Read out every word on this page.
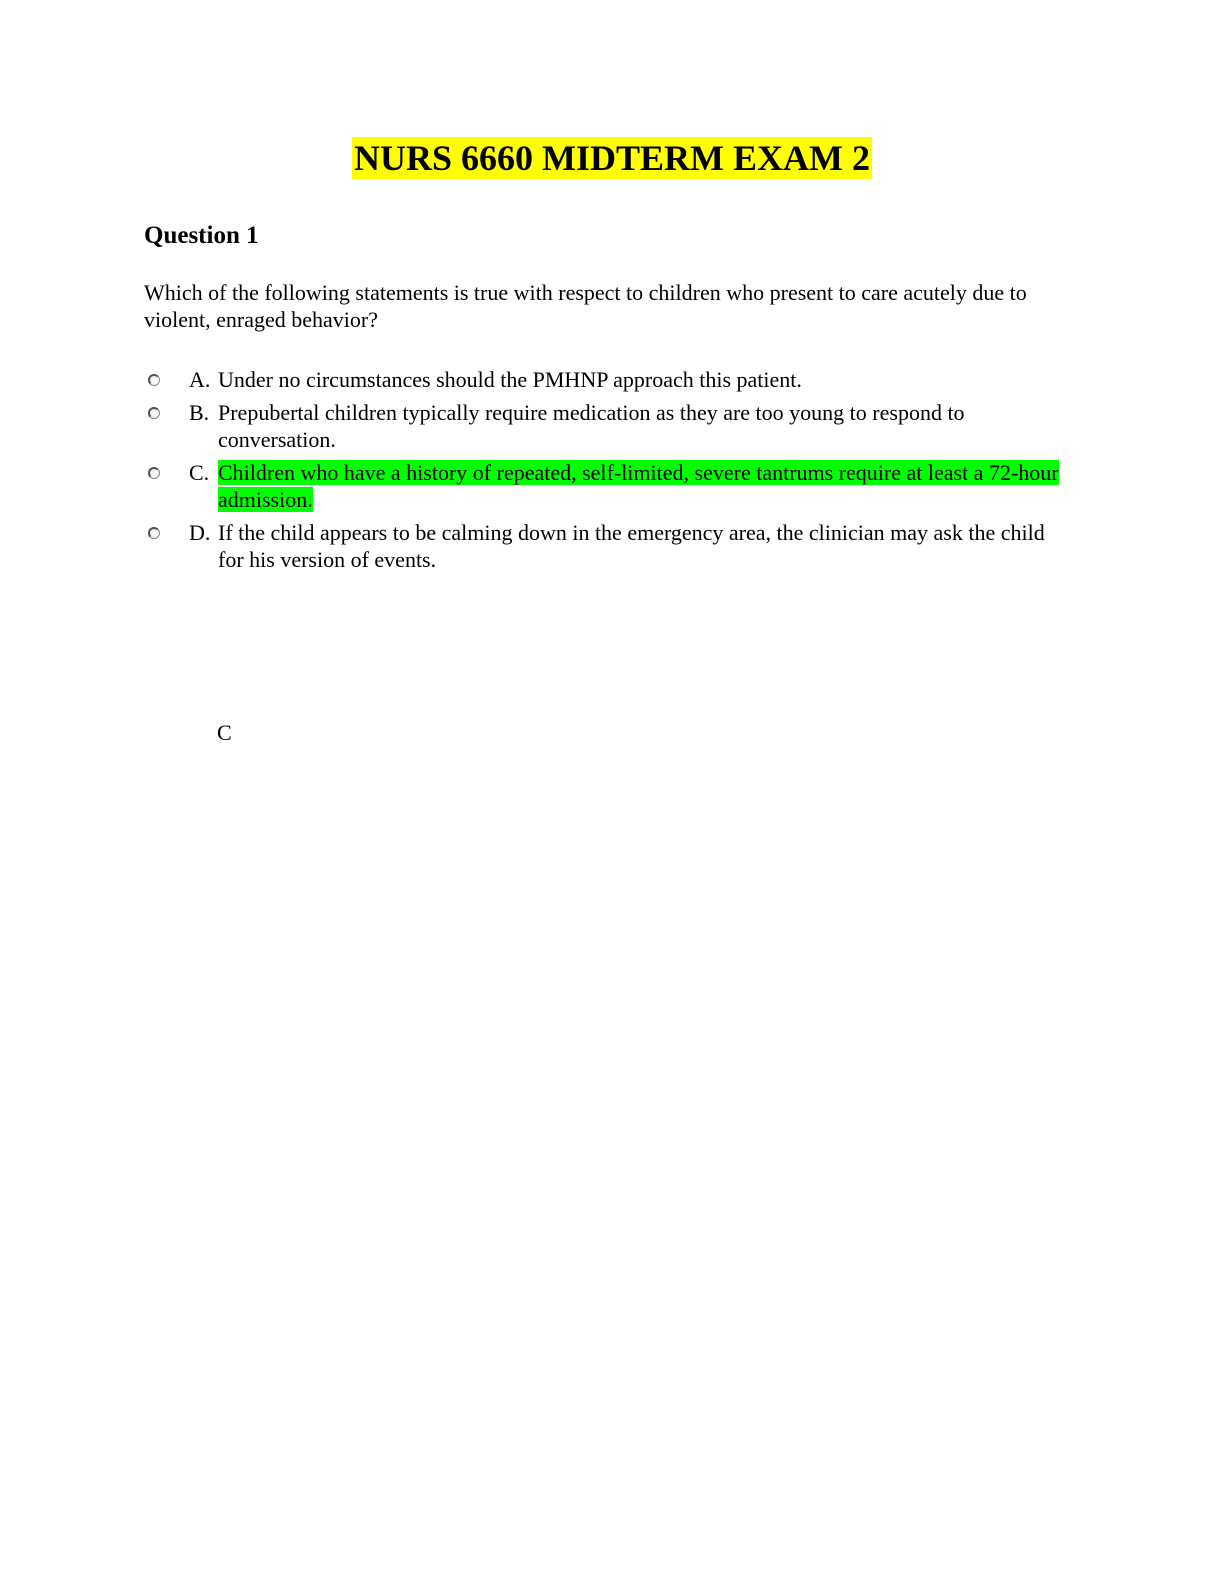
NURS 6660 MIDTERM EXAM 2
Question 1
Which of the following statements is true with respect to children who present to care acutely due to violent, enraged behavior?
A. Under no circumstances should the PMHNP approach this patient.
B. Prepubertal children typically require medication as they are too young to respond to conversation.
C. Children who have a history of repeated, self-limited, severe tantrums require at least a 72-hour admission.
D. If the child appears to be calming down in the emergency area, the clinician may ask the child for his version of events.
C
